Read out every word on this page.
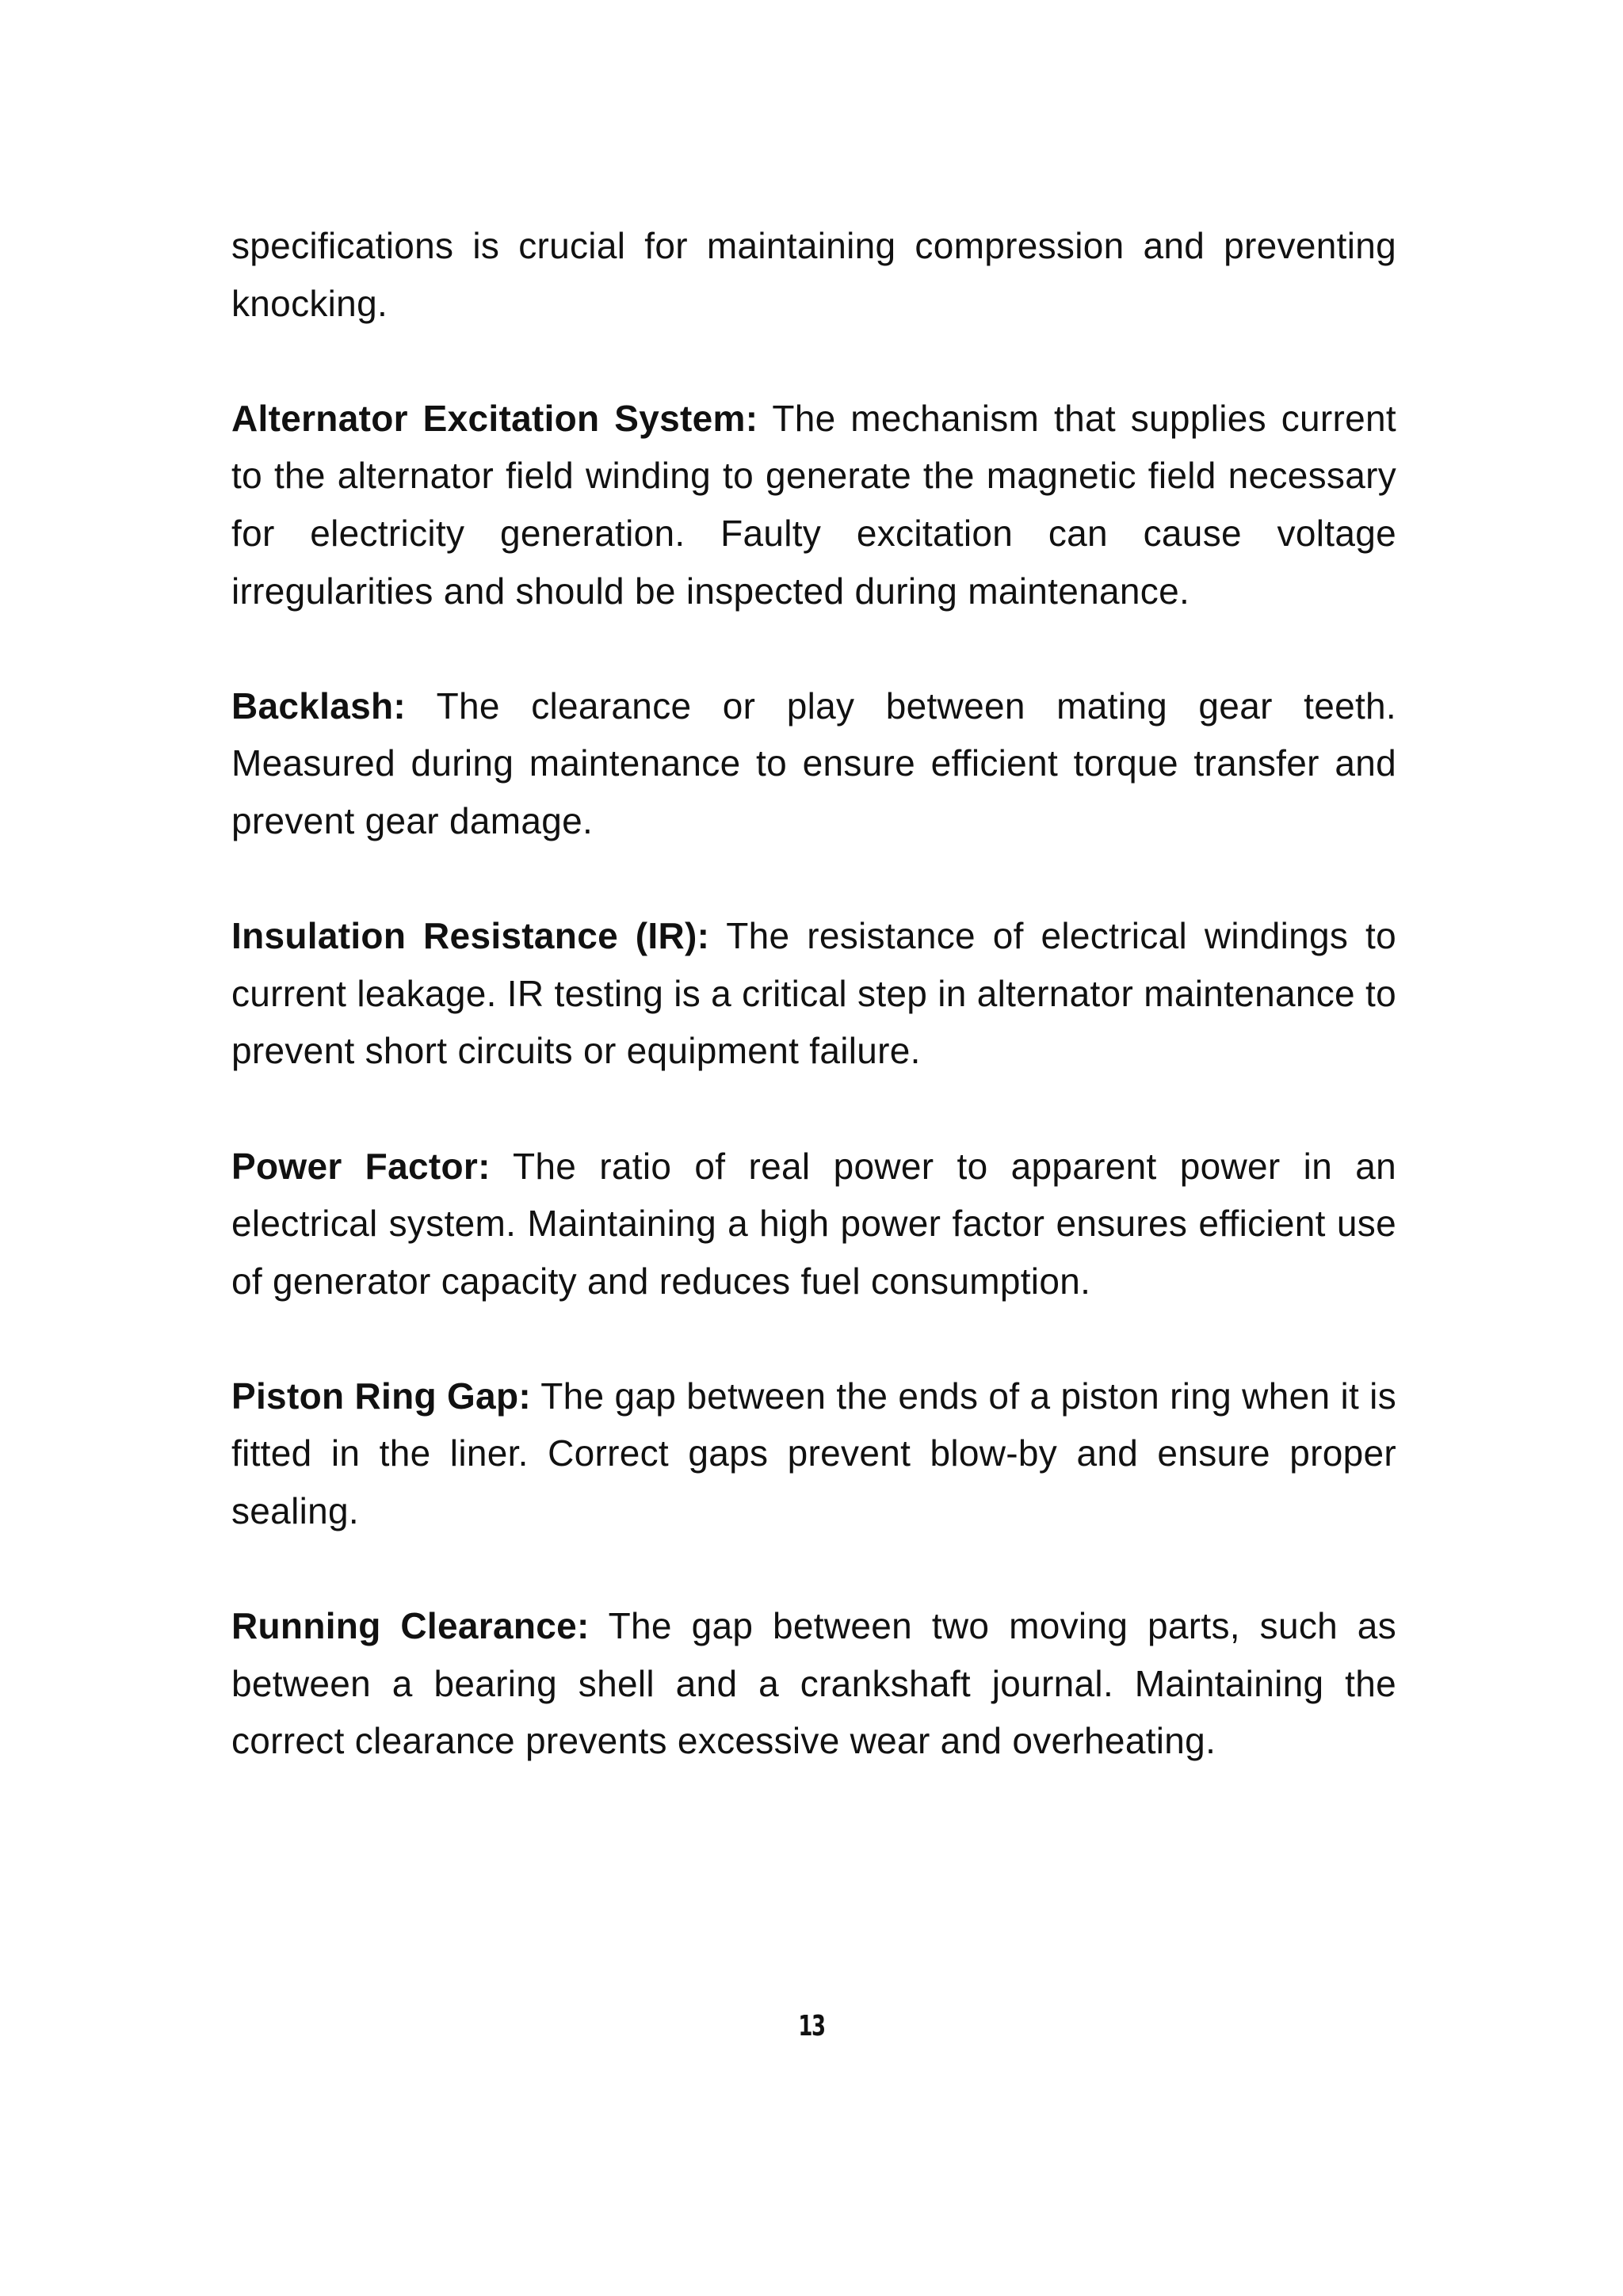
specifications is crucial for maintaining compression and preventing knocking.

Alternator Excitation System: The mechanism that supplies current to the alternator field winding to generate the magnetic field necessary for electricity generation. Faulty excitation can cause voltage irregularities and should be inspected during maintenance.

Backlash: The clearance or play between mating gear teeth. Measured during maintenance to ensure efficient torque transfer and prevent gear damage.

Insulation Resistance (IR): The resistance of electrical windings to current leakage. IR testing is a critical step in alternator maintenance to prevent short circuits or equipment failure.

Power Factor: The ratio of real power to apparent power in an electrical system. Maintaining a high power factor ensures efficient use of generator capacity and reduces fuel consumption.

Piston Ring Gap: The gap between the ends of a piston ring when it is fitted in the liner. Correct gaps prevent blow-by and ensure proper sealing.

Running Clearance: The gap between two moving parts, such as between a bearing shell and a crankshaft journal. Maintaining the correct clearance prevents excessive wear and overheating.

13
